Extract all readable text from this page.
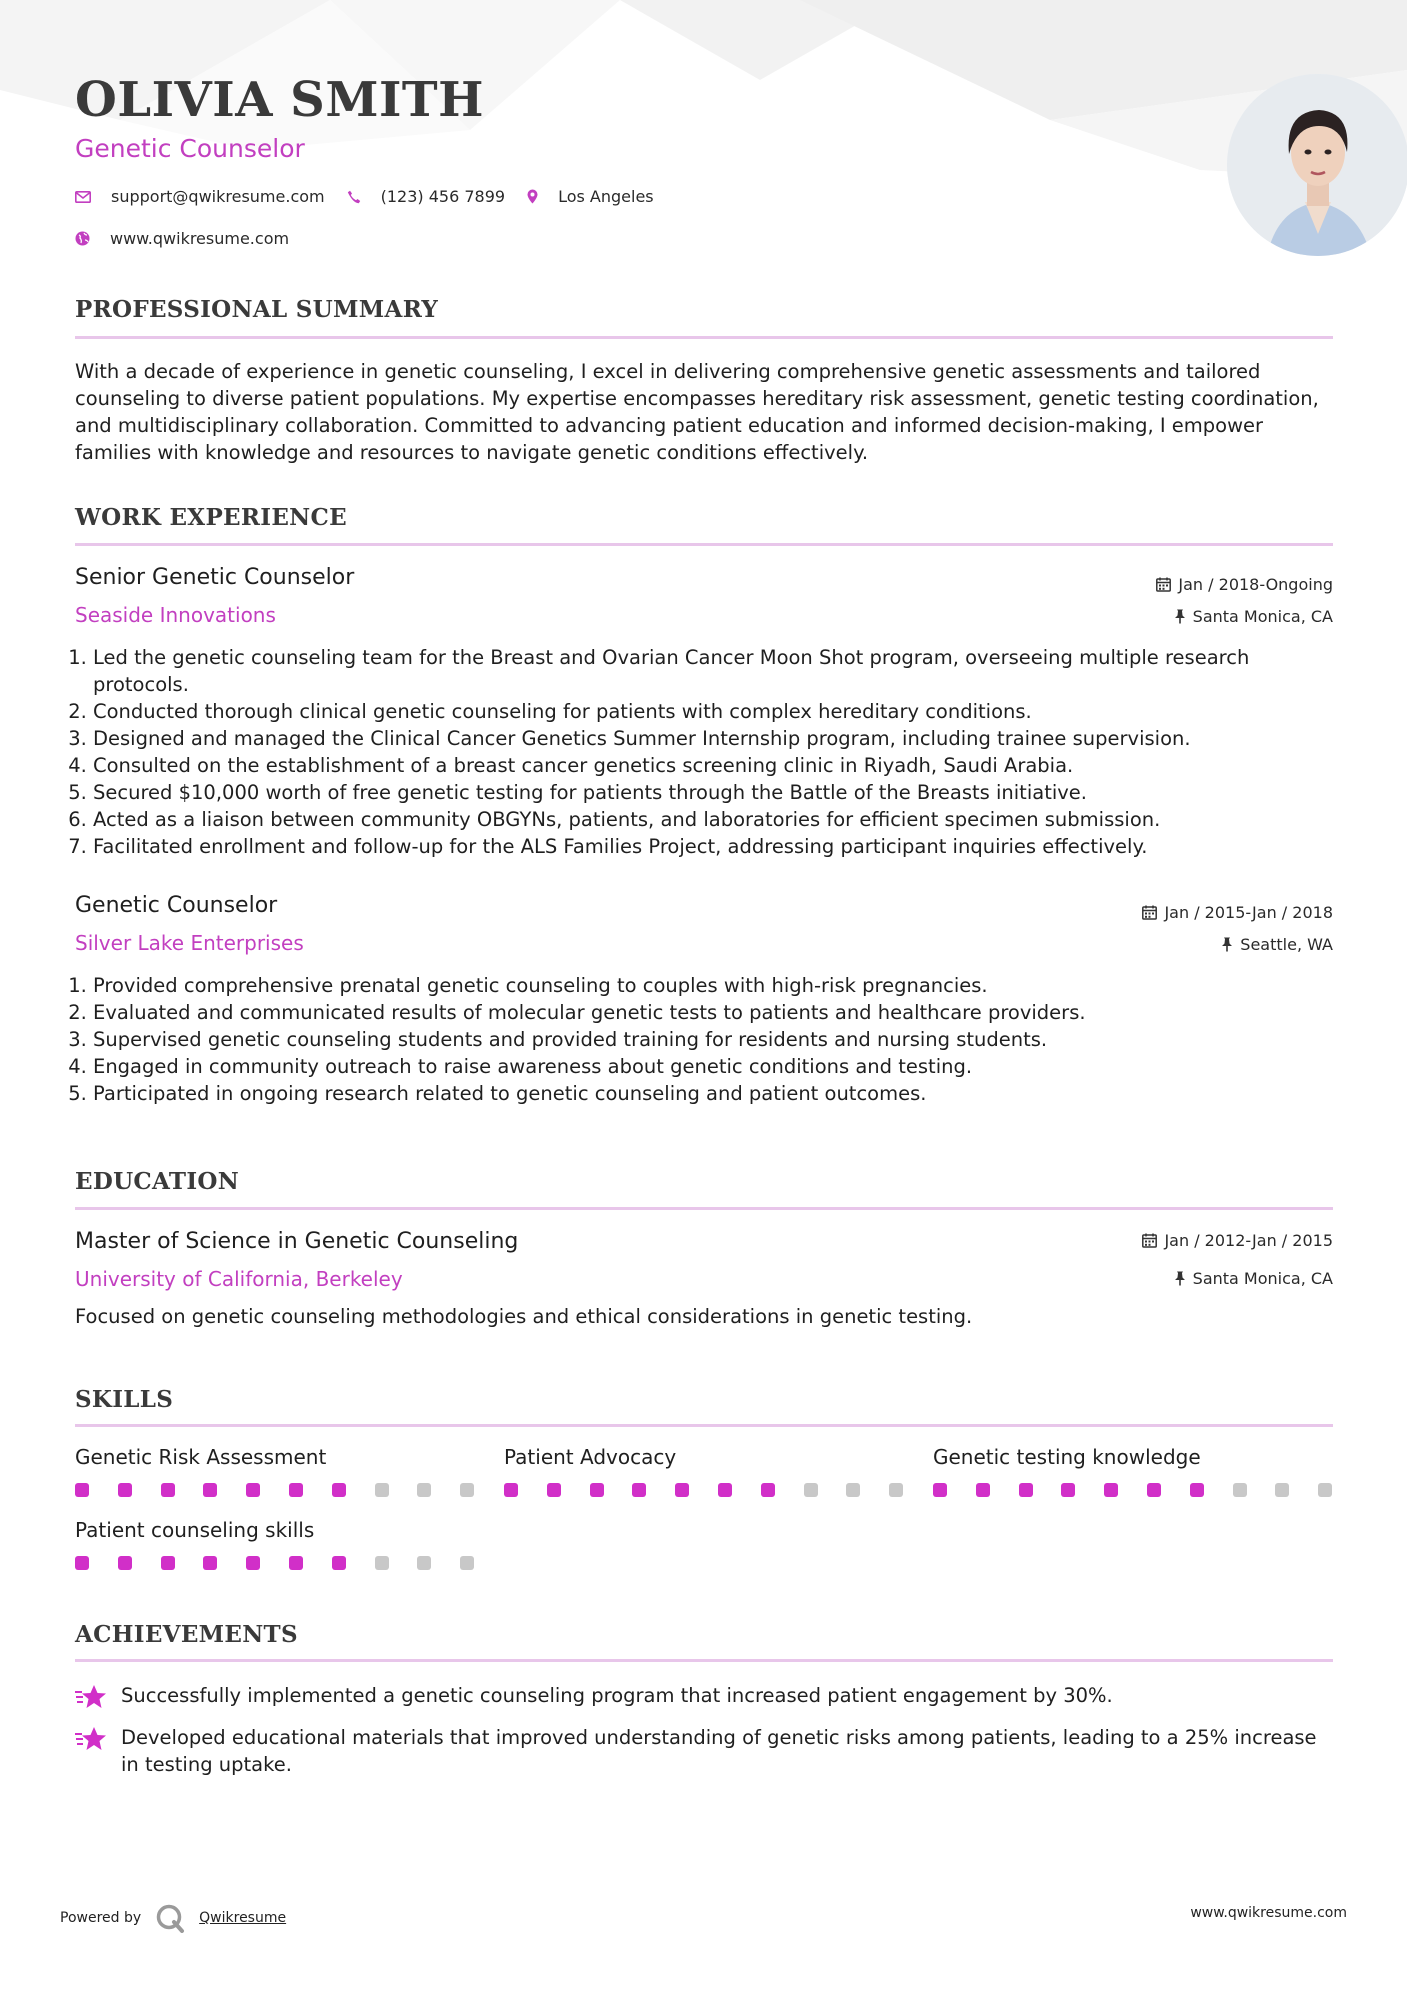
OLIVIA SMITH
Genetic Counselor
support@qwikresume.com	(123) 456 7899	Los Angeles
www.qwikresume.com
PROFESSIONAL SUMMARY

With a decade of experience in genetic counseling, I excel in delivering comprehensive genetic assessments and tailored counseling to diverse patient populations. My expertise encompasses hereditary risk assessment, genetic testing coordination, and multidisciplinary collaboration. Committed to advancing patient education and informed decision-making, I empower families with knowledge and resources to navigate genetic conditions effectively.

WORK EXPERIENCE
Senior Genetic Counselor
Seaside Innovations
Jan / 2018-Ongoing
Santa Monica, CA
1. Led the genetic counseling team for the Breast and Ovarian Cancer Moon Shot program, overseeing multiple research protocols.
2. Conducted thorough clinical genetic counseling for patients with complex hereditary conditions.
3. Designed and managed the Clinical Cancer Genetics Summer Internship program, including trainee supervision.
4. Consulted on the establishment of a breast cancer genetics screening clinic in Riyadh, Saudi Arabia.
5. Secured $10,000 worth of free genetic testing for patients through the Battle of the Breasts initiative.
6. Acted as a liaison between community OBGYNs, patients, and laboratories for efficient specimen submission.
7. Facilitated enrollment and follow-up for the ALS Families Project, addressing participant inquiries effectively.
Genetic Counselor
Silver Lake Enterprises
Jan / 2015-Jan / 2018
Seattle, WA
1. Provided comprehensive prenatal genetic counseling to couples with high-risk pregnancies.
2. Evaluated and communicated results of molecular genetic tests to patients and healthcare providers.
3. Supervised genetic counseling students and provided training for residents and nursing students.
4. Engaged in community outreach to raise awareness about genetic conditions and testing.
5. Participated in ongoing research related to genetic counseling and patient outcomes.
EDUCATION
Master of Science in Genetic Counseling
University of California, Berkeley
Jan / 2012-Jan / 2015
Santa Monica, CA

Focused on genetic counseling methodologies and ethical considerations in genetic testing.

SKILLS
Genetic Risk Assessment	Patient Advocacy	Genetic testing knowledge
Patient counseling skills
ACHIEVEMENTS
Successfully implemented a genetic counseling program that increased patient engagement by 30%.
Developed educational materials that improved understanding of genetic risks among patients, leading to a 25% increase in testing uptake.
Powered by	Qwikresume	www.qwikresume.com
